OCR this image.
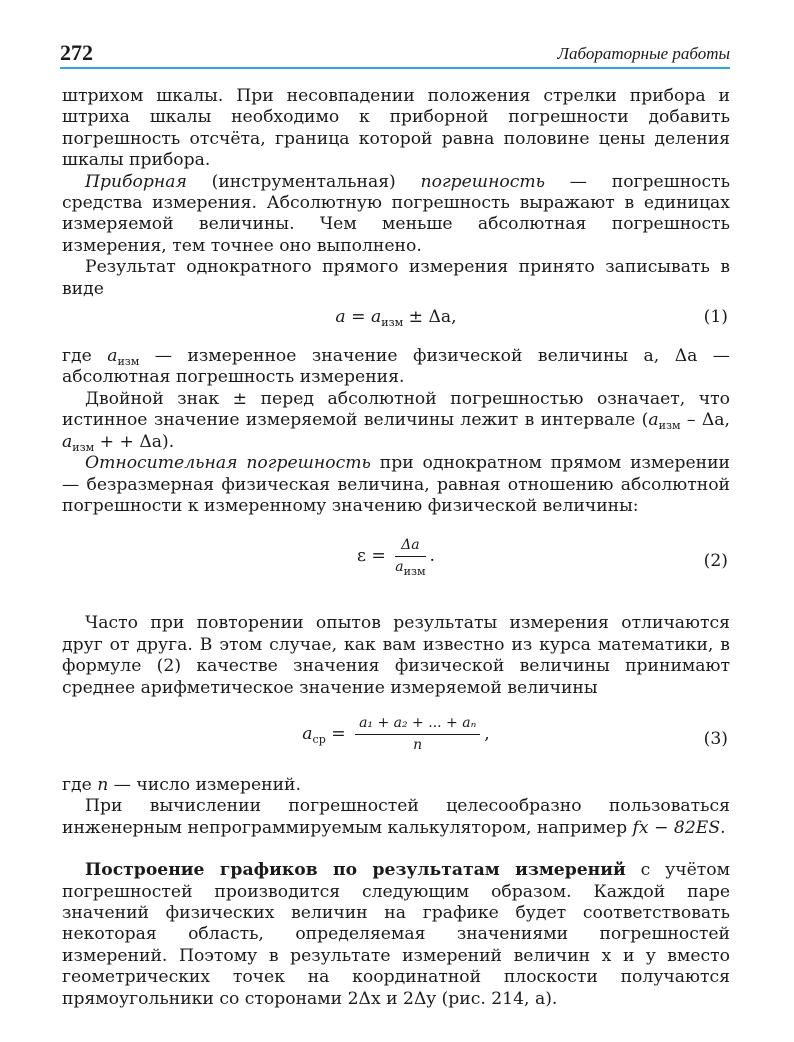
272	Лабораторные работы

штрихом шкалы. При несовпадении положения стрелки прибора и штриха шкалы необходимо к приборной погрешности добавить погрешность отсчёта, граница которой равна половине цены деления шкалы прибора.

Приборная (инструментальная) погрешность — погрешность средства измерения. Абсолютную погрешность выражают в единицах измеряемой величины. Чем меньше абсолютная погрешность измерения, тем точнее оно выполнено.

Результат однократного прямого измерения принято записывать в виде

$a = a_{изм} \pm \Delta a$,	(1)

где $a_{изм}$ — измеренное значение физической величины a, Δa — абсолютная погрешность измерения.

Двойной знак ± перед абсолютной погрешностью означает, что истинное значение измеряемой величины лежит в интервале ($a_{изм}$ – Δa, $a_{изм}$ + + Δa).

Относительная погрешность при однократном прямом измерении — безразмерная физическая величина, равная отношению абсолютной погрешности к измеренному значению физической величины:

$\varepsilon = \frac{\Delta a}{a_{изм}}$ .	(2)

Часто при повторении опытов результаты измерения отличаются друг от друга. В этом случае, как вам известно из курса математики, в формуле (2) качестве значения физической величины принимают среднее арифметическое значение измеряемой величины

$a_{ср} = \frac{\text{a₁ + a₂ + ... + aₙ}}{n}$ ,	(3)

где n — число измерений.

При вычислении погрешностей целесообразно пользоваться инженерным непрограммируемым калькулятором, например fx − 82ES.

Построение графиков по результатам измерений с учётом погрешностей производится следующим образом. Каждой паре значений физических величин на графике будет соответствовать некоторая область, определяемая значениями погрешностей измерений. Поэтому в результате измерений величин x и y вместо геометрических точек на координатной плоскости получаются прямоугольники со сторонами 2Δx и 2Δy (рис. 214, a).
